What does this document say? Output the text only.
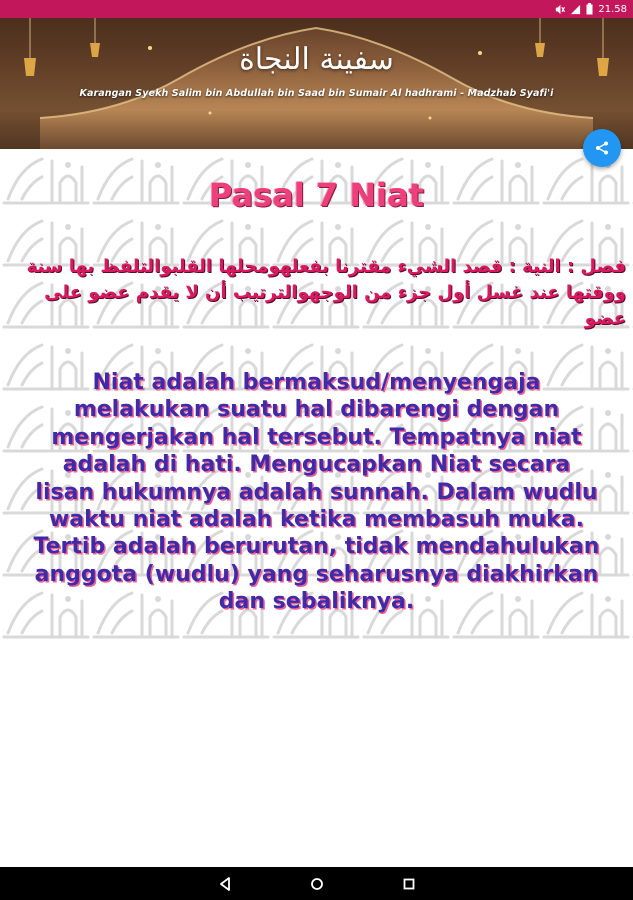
21.58
سفينة النجاة
Karangan Syekh Salim bin Abdullah bin Saad bin Sumair Al hadhrami - Madzhab Syafi'i
Pasal 7 Niat
فصل : النية : قصد الشيء مقترنا بفعلهومحلها القلبوالتلفظ بها سنة ووقتها عند غسل أول جزء من الوجهوالترتيب أن لا يقدم عضو على عضو
Niat adalah bermaksud/menyengaja melakukan suatu hal dibarengi dengan mengerjakan hal tersebut. Tempatnya niat adalah di hati. Mengucapkan Niat secara lisan hukumnya adalah sunnah. Dalam wudlu waktu niat adalah ketika membasuh muka. Tertib adalah berurutan, tidak mendahulukan anggota (wudlu) yang seharusnya diakhirkan dan sebaliknya.
